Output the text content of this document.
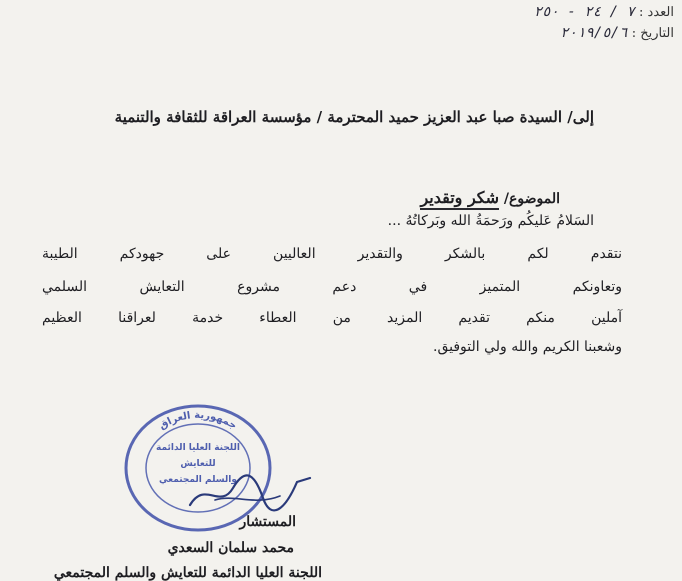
العدد : ٧ / ٢٤ - ٢٥٠
التاريخ : ٢٠١٩/٥/٦
إلى/ السيدة صبا عبد العزيز حميد المحترمة / مؤسسة العراقة للثقافة والتنمية
الموضوع/ شكر وتقدير
السَلامُ عَليكُم ورَحمَةُ الله وبَركاتُهُ ...
نتقدم لكم بالشكر والتقدير العاليين على جهودكم الطيبة
وتعاونكم المتميز في دعم مشروع التعايش السلمي
آملين منكم تقديم المزيد من العطاء خدمة لعراقنا العظيم
وشعبنا الكريم والله ولي التوفيق.
المستشار
محمد سلمان السعدي
اللجنة العليا الدائمة للتعايش والسلم المجتمعي
جمهورية العراق
اللجنة العليا الدائمة
للتعايش
والسلم المجتمعي
